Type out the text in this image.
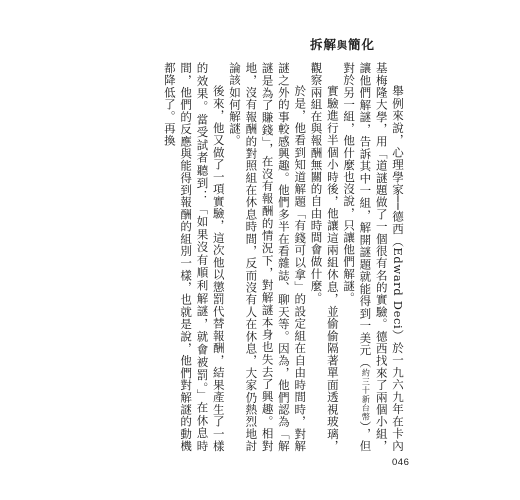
拆解與簡化

舉例來說，心理學家──德西（Edward Deci）於一九六九年在卡內基梅隆大學，用「道謎題做了一個很有名的實驗。德西找來了兩個小組，讓他們解謎，告訴其中一組，解開謎題就能得到一美元（約三十新台幣），但對於另一組，他什麼也沒說，只讓他們解謎。

實驗進行半個小時後，他讓這兩組休息，並偷偷隔著單面透視玻璃，觀察兩組在與報酬無關的自由時間會做什麼。

於是，他看到知道解題「有錢可以拿」的設定組在自由時間時，對解謎之外的事較感興趣。他們多半在看雜誌、聊天等。因為，他們認為「解謎是為了賺錢」，在沒有報酬的情況下，對解謎本身也失去了興趣。相對地，沒有報酬的對照組在休息時間，反而沒有人在休息，大家仍熱烈地討論該如何解謎。

後來，他又做了一項實驗，這次他以懲罰代替報酬，結果產生了一樣的效果。當受試者聽到：「如果沒有順利解謎，就會被罰。」在休息時間，他們的反應與能得到報酬的組別一樣，也就是說，他們對解謎的動機都降低了。再換

046
